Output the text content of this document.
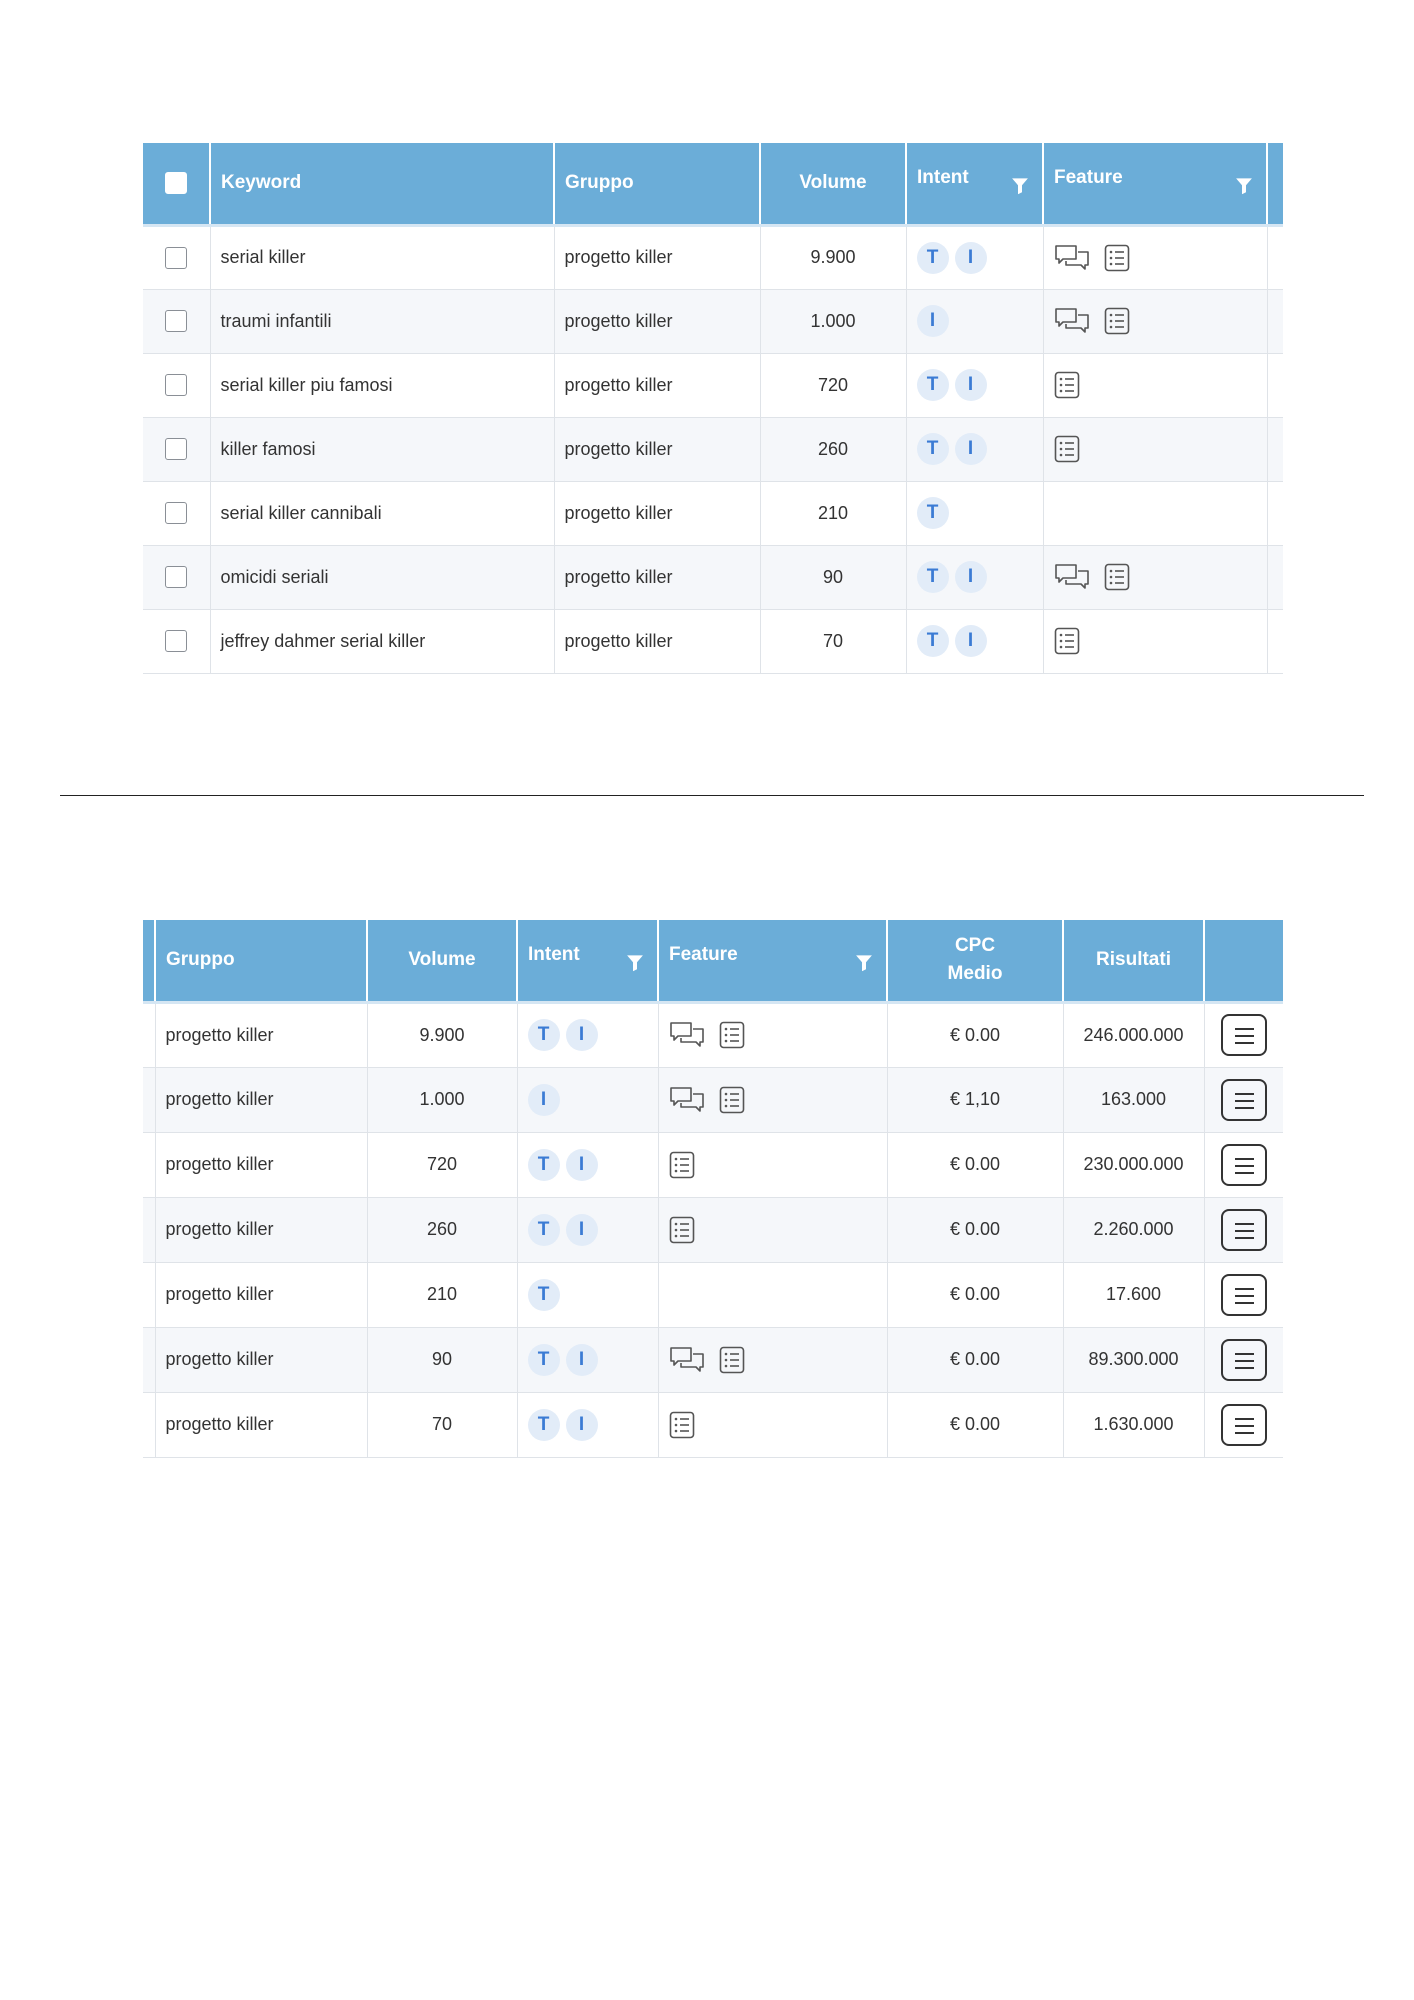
	Keyword	Gruppo	Volume	Intent	Feature	

	serial killer	progetto killer	9.900	T I	

	traumi infantili	progetto killer	1.000	I	

	serial killer piu famosi	progetto killer	720	T I	

	killer famosi	progetto killer	260	T I	

	serial killer cannibali	progetto killer	210	T		
	omicidi seriali	progetto killer	90	T I	

	jeffrey dahmer serial killer	progetto killer	70	T I	

	Gruppo	Volume	Intent	Feature	CPC
Medio	Risultati	
	progetto killer	9.900	T I		€ 0.00	246.000.000	

	progetto killer	1.000	I		€ 1,10	163.000	

	progetto killer	720	T I		€ 0.00	230.000.000	

	progetto killer	260	T I		€ 0.00	2.260.000	

	progetto killer	210	T		€ 0.00	17.600	

	progetto killer	90	T I		€ 0.00	89.300.000	

	progetto killer	70	T I		€ 0.00	1.630.000	
